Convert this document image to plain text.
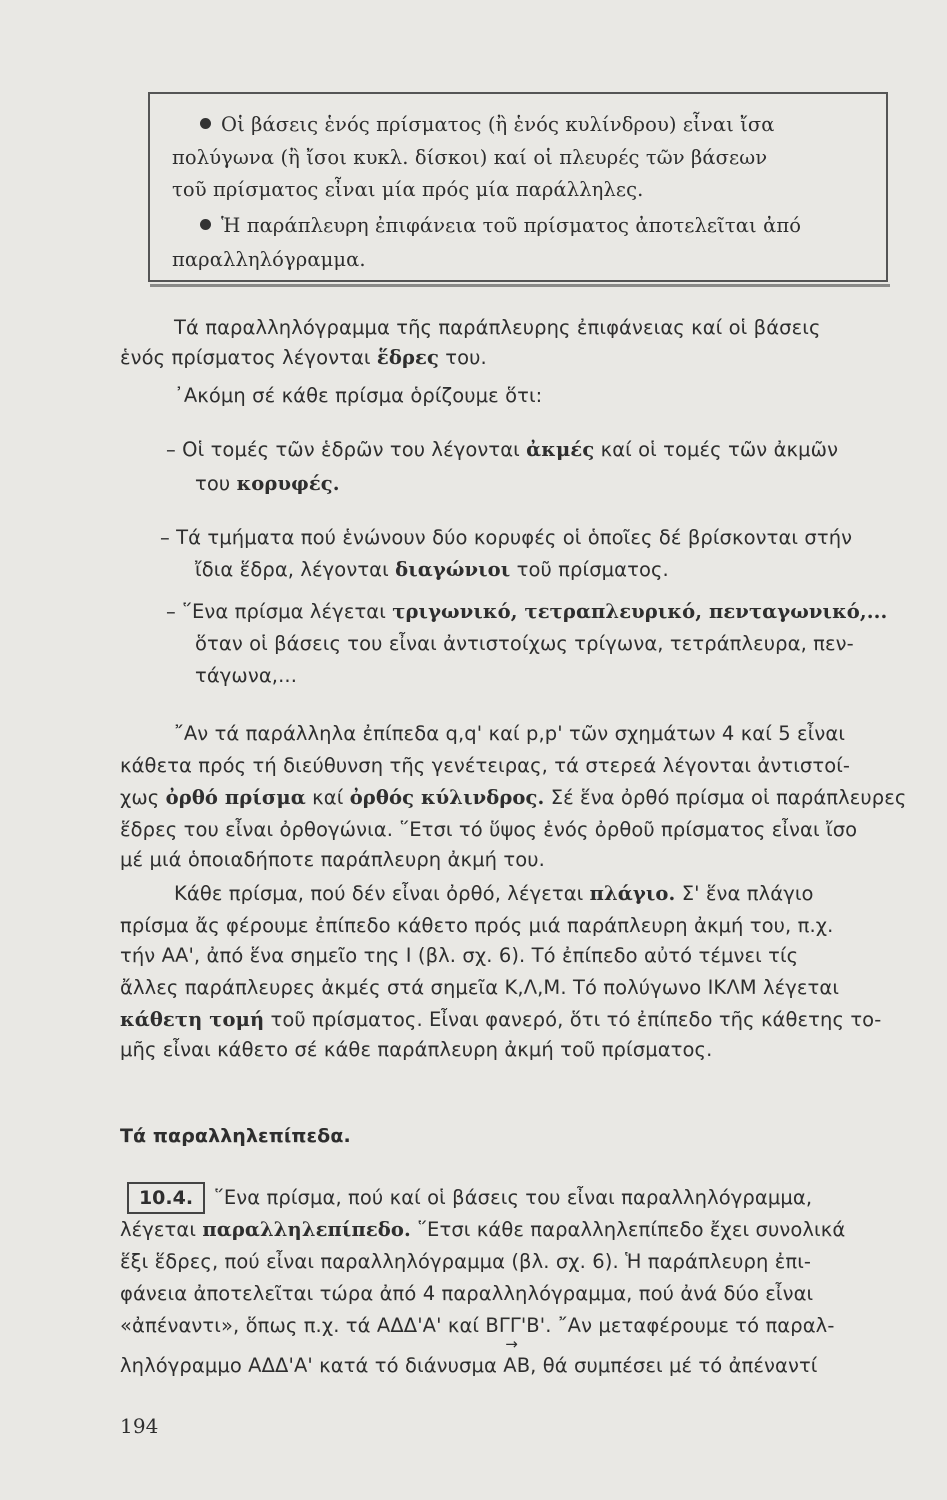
Οἱ βάσεις ἑνός πρίσματος (ἢ ἑνός κυλίνδρου) εἶναι ἴσα
πολύγωνα (ἢ ἴσοι κυκλ. δίσκοι) καί οἱ πλευρές τῶν βάσεων
τοῦ πρίσματος εἶναι μία πρός μία παράλληλες.
Ἡ παράπλευρη ἐπιφάνεια τοῦ πρίσματος ἀποτελεῖται ἀπό
παραλληλόγραμμα.
Τά παραλληλόγραμμα τῆς παράπλευρης ἐπιφάνειας καί οἱ βάσεις
ἑνός πρίσματος λέγονται ἕδρες του.
᾿Ακόμη σέ κάθε πρίσμα ὁρίζουμε ὅτι:
– Οἱ τομές τῶν ἑδρῶν του λέγονται ἀκμές καί οἱ τομές τῶν ἀκμῶν
του κορυφές.
– Τά τμήματα πού ἑνώνουν δύο κορυφές οἱ ὁποῖες δέ βρίσκονται στήν
ἴδια ἕδρα, λέγονται διαγώνιοι τοῦ πρίσματος.
– ῞Ενα πρίσμα λέγεται τριγωνικό, τετραπλευρικό, πενταγωνικό,...
ὅταν οἱ βάσεις του εἶναι ἀντιστοίχως τρίγωνα, τετράπλευρα, πεν-
τάγωνα,...
῎Αν τά παράλληλα ἐπίπεδα q,q' καί p,p' τῶν σχημάτων 4 καί 5 εἶναι
κάθετα πρός τή διεύθυνση τῆς γενέτειρας, τά στερεά λέγονται ἀντιστοί-
χως ὀρθό πρίσμα καί ὀρθός κύλινδρος. Σέ ἕνα ὀρθό πρίσμα οἱ παράπλευρες
ἕδρες του εἶναι ὀρθογώνια. ῞Ετσι τό ὕψος ἑνός ὀρθοῦ πρίσματος εἶναι ἴσο
μέ μιά ὁποιαδήποτε παράπλευρη ἀκμή του.
Κάθε πρίσμα, πού δέν εἶναι ὀρθό, λέγεται πλάγιο. Σ' ἕνα πλάγιο
πρίσμα ἄς φέρουμε ἐπίπεδο κάθετο πρός μιά παράπλευρη ἀκμή του, π.χ.
τήν ΑΑ', ἀπό ἕνα σημεῖο της Ι (βλ. σχ. 6). Τό ἐπίπεδο αὐτό τέμνει τίς
ἄλλες παράπλευρες ἀκμές στά σημεῖα Κ,Λ,Μ. Τό πολύγωνο ΙΚΛΜ λέγεται
κάθετη τομή τοῦ πρίσματος. Εἶναι φανερό, ὅτι τό ἐπίπεδο τῆς κάθετης το-
μῆς εἶναι κάθετο σέ κάθε παράπλευρη ἀκμή τοῦ πρίσματος.
Τά παραλληλεπίπεδα.
10.4.	῞Ενα πρίσμα, πού καί οἱ βάσεις του εἶναι παραλληλόγραμμα,
λέγεται παραλληλεπίπεδο. ῞Ετσι κάθε παραλληλεπίπεδο ἔχει συνολικά
ἕξι ἕδρες, πού εἶναι παραλληλόγραμμα (βλ. σχ. 6). Ἡ παράπλευρη ἐπι-
φάνεια ἀποτελεῖται τώρα ἀπό 4 παραλληλόγραμμα, πού ἀνά δύο εἶναι
«ἀπέναντι», ὅπως π.χ. τά ΑΔΔ'Α' καί ΒΓΓ'Β'. ῎Αν μεταφέρουμε τό παραλ-
ληλόγραμμο ΑΔΔ'Α' κατά τό διάνυσμα → ΑΒ, θά συμπέσει μέ τό ἀπέναντί
194
